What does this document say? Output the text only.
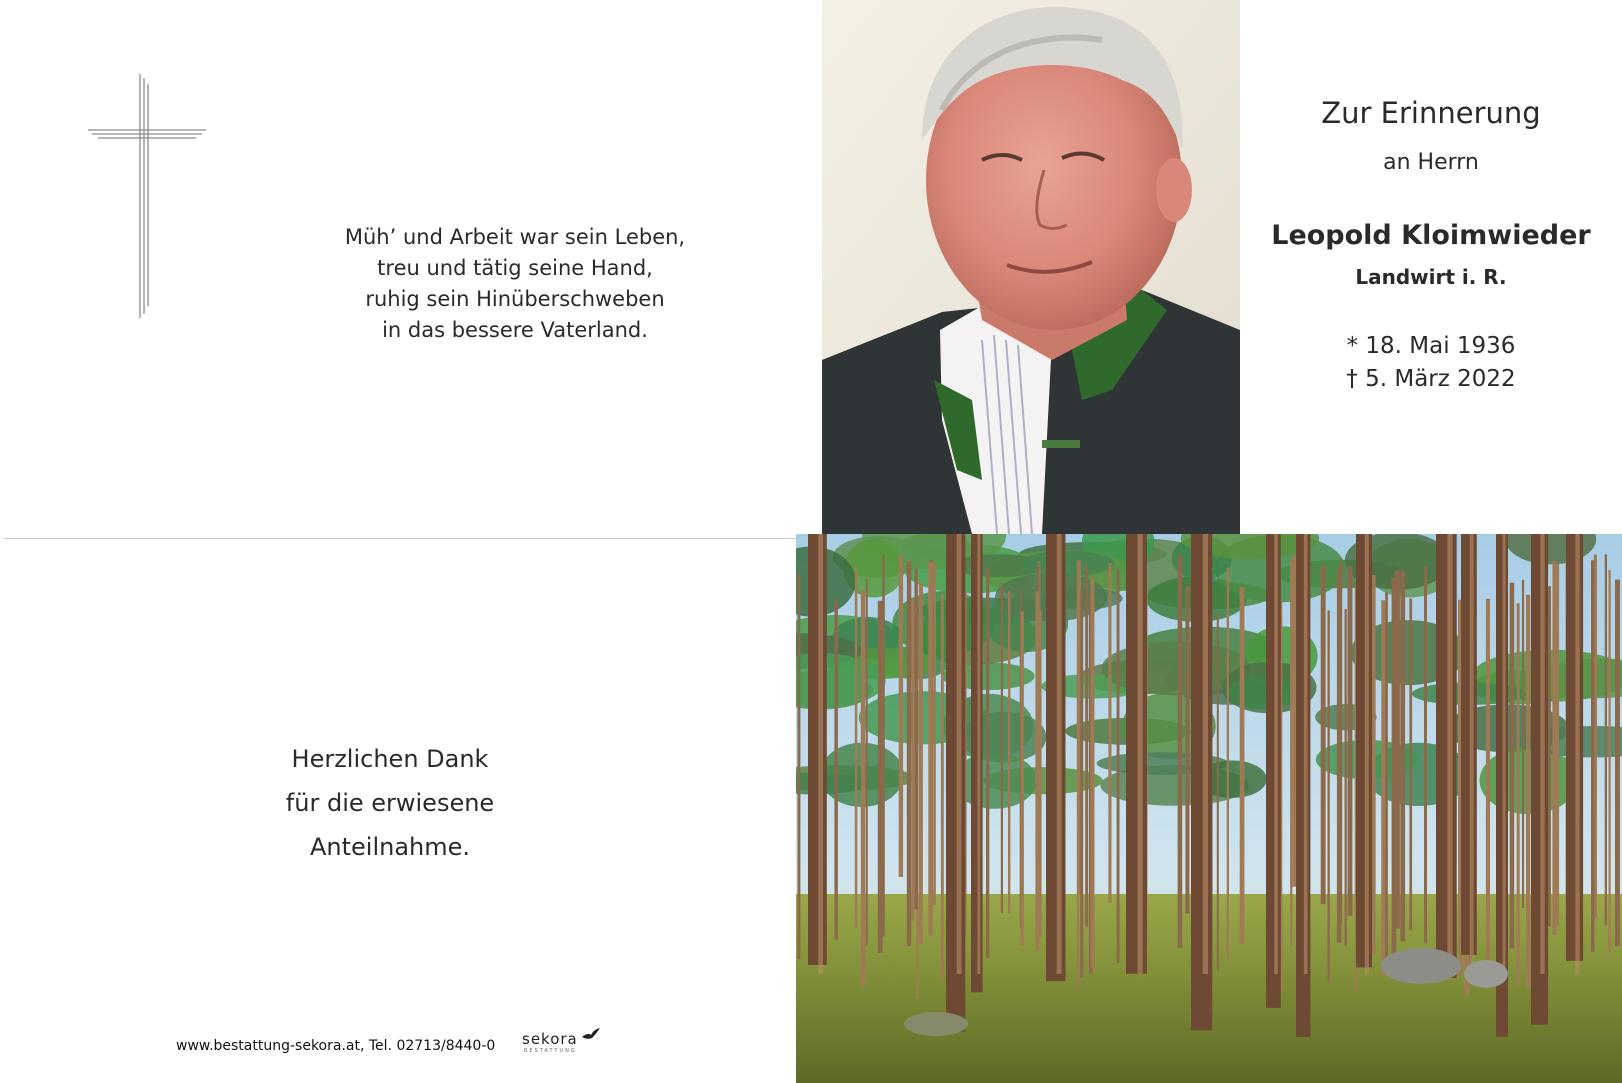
Müh’ und Arbeit war sein Leben,
treu und tätig seine Hand,
ruhig sein Hinüberschweben
in das bessere Vaterland.
Zur Erinnerung
an Herrn
Leopold Kloimwieder
Landwirt i. R.
* 18. Mai 1936
† 5. März 2022
Herzlichen Dank
für die erwiesene
Anteilnahme.
www.bestattung-sekora.at, Tel. 02713/8440-0 sekora
BESTATTUNG
